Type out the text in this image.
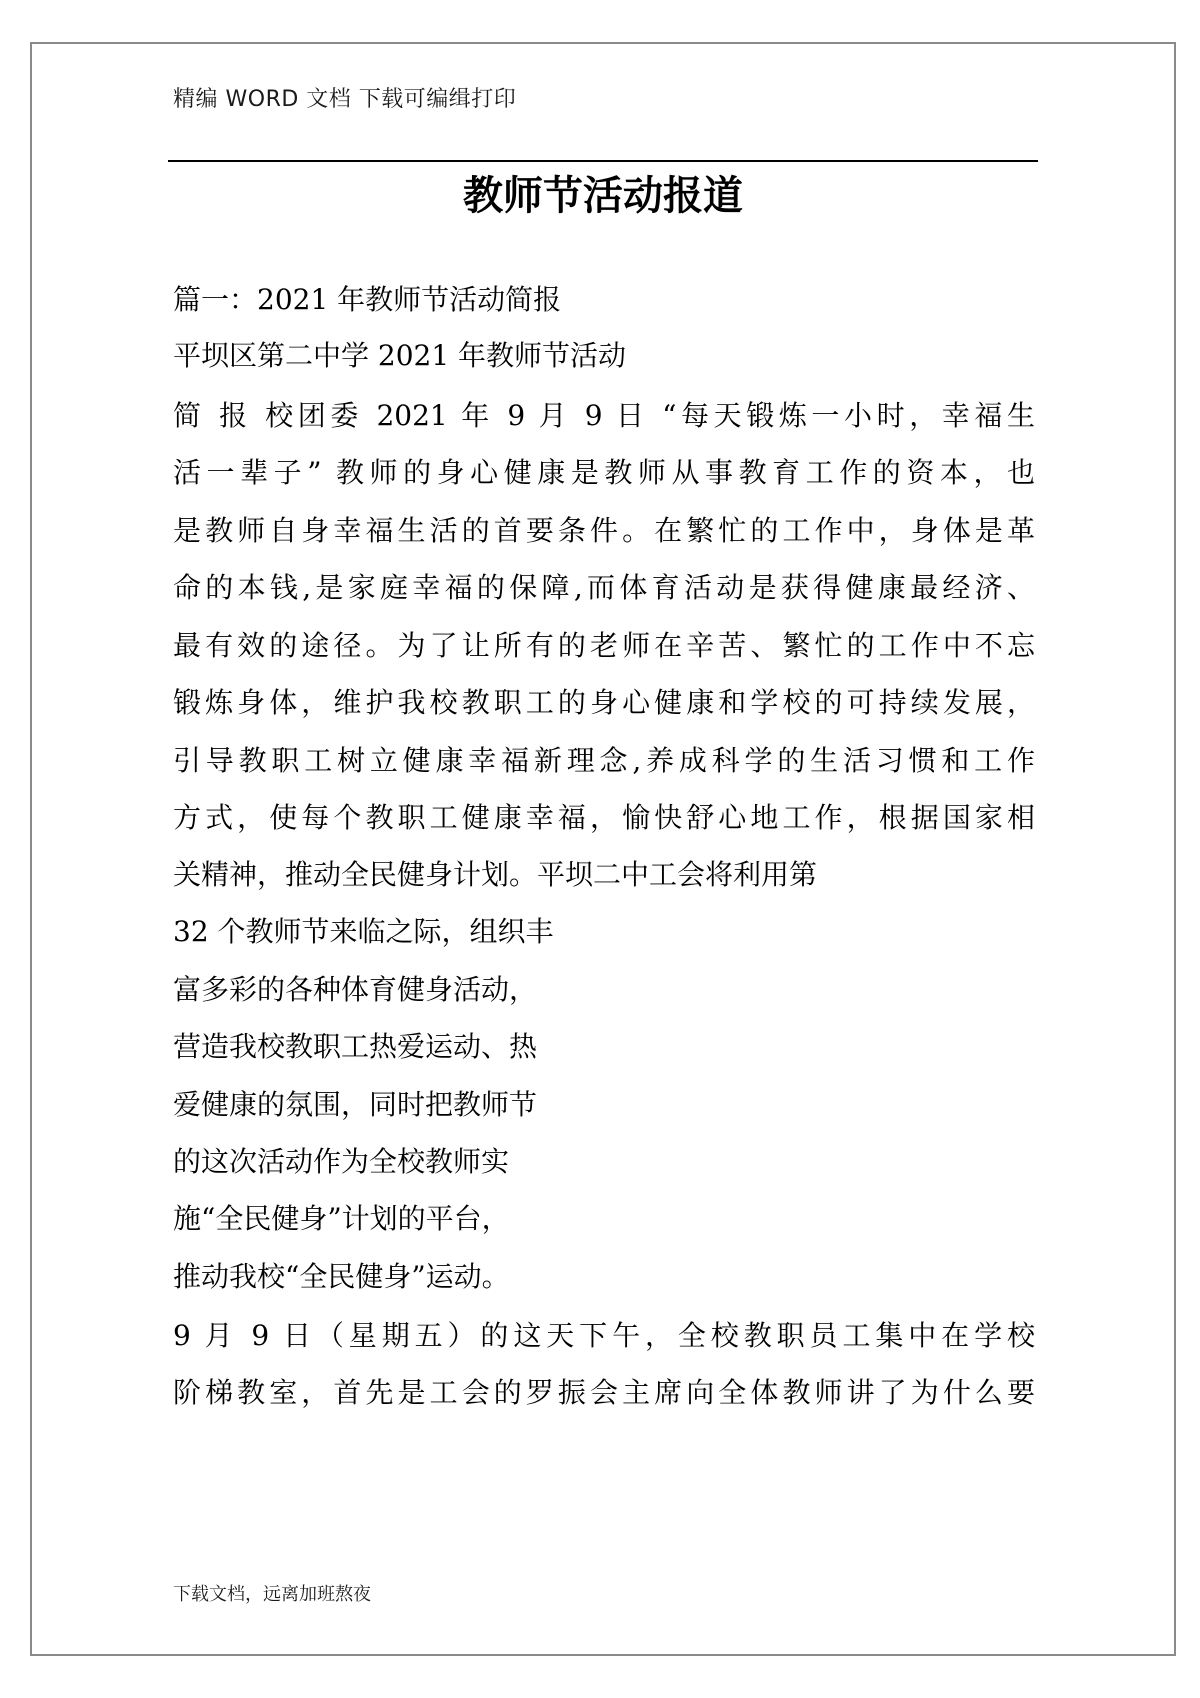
精编 WORD 文档 下载可编缉打印
教师节活动报道
篇一：2021 年教师节活动简报
平坝区第二中学 2021 年教师节活动
简 报 校团委 2021 年 9 月 9 日 “每天锻炼一小时，幸福生
活一辈子” 教师的身心健康是教师从事教育工作的资本，也
是教师自身幸福生活的首要条件。在繁忙的工作中，身体是革
命的本钱,是家庭幸福的保障,而体育活动是获得健康最经济、
最有效的途径。为了让所有的老师在辛苦、繁忙的工作中不忘
锻炼身体，维护我校教职工的身心健康和学校的可持续发展，
引导教职工树立健康幸福新理念,养成科学的生活习惯和工作
方式，使每个教职工健康幸福，愉快舒心地工作，根据国家相
关精神，推动全民健身计划。平坝二中工会将利用第
32 个教师节来临之际，组织丰
富多彩的各种体育健身活动，
营造我校教职工热爱运动、热
爱健康的氛围，同时把教师节
的这次活动作为全校教师实
施“全民健身”计划的平台，
推动我校“全民健身”运动。
9 月 9 日（星期五）的这天下午，全校教职员工集中在学校
阶梯教室，首先是工会的罗振会主席向全体教师讲了为什么要
下载文档，远离加班熬夜
